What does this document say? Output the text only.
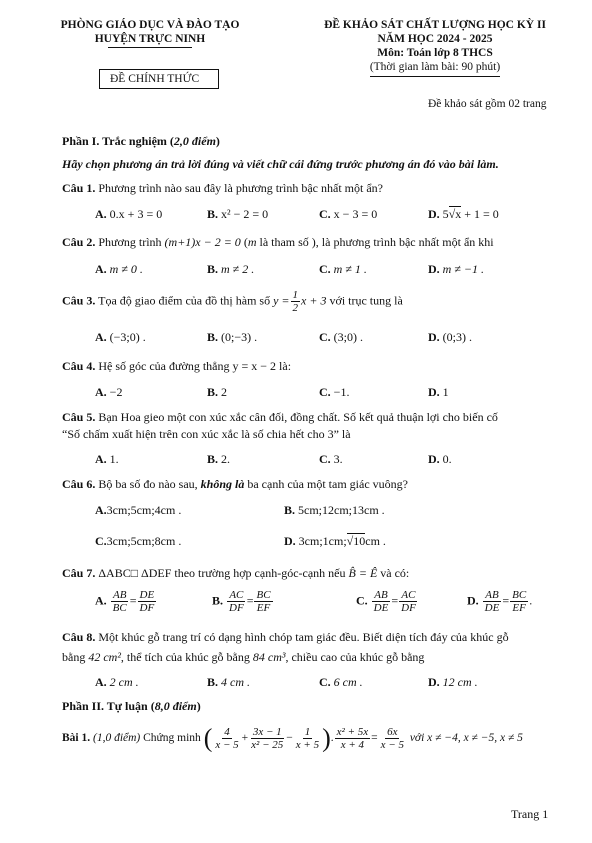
PHÒNG GIÁO DỤC VÀ ĐÀO TẠO
HUYỆN TRỰC NINH
ĐỀ CHÍNH THỨC
ĐỀ KHẢO SÁT CHẤT LƯỢNG HỌC KỲ II
NĂM HỌC 2024 - 2025
Môn: Toán lớp 8 THCS
(Thời gian làm bài: 90 phút)
Đề khảo sát gồm 02 trang
Phần I. Trắc nghiệm (2,0 điểm)
Hãy chọn phương án trả lời đúng và viết chữ cái đứng trước phương án đó vào bài làm.
Câu 1. Phương trình nào sau đây là phương trình bậc nhất một ẩn?
A. 0.x + 3 = 0	B. x² − 2 = 0	C. x − 3 = 0	D. 5√x + 1 = 0
Câu 2. Phương trình (m+1)x − 2 = 0 (m là tham số ), là phương trình bậc nhất một ẩn khi
A. m ≠ 0 .	B. m ≠ 2 .	C. m ≠ 1 .	D. m ≠ −1 .
Câu 3. Tọa độ giao điểm của đồ thị hàm số $y = \frac{1}{2}$ x + 3 với trục tung là
A. (−3;0) .	B. (0;−3) .	C. (3;0) .	D. (0;3) .
Câu 4. Hệ số góc của đường thẳng y = x − 2 là:
A. −2	B. 2	C. −1.	D. 1
Câu 5. Bạn Hoa gieo một con xúc xắc cân đối, đồng chất. Số kết quả thuận lợi cho biến cố
“Số chấm xuất hiện trên con xúc xắc là số chia hết cho 3” là
A. 1.	B. 2.	C. 3.	D. 0.
Câu 6. Bộ ba số đo nào sau, không là ba cạnh của một tam giác vuông?
A.3cm;5cm;4cm .	B. 5cm;12cm;13cm .
C.3cm;5cm;8cm .	D. 3cm;1cm;√10cm .
Câu 7. ΔABC□ ΔDEF theo trường hợp cạnh-góc-cạnh nếu B̂ = Ê và có:
A. $\frac{AB}{BC} = \frac{DE}{DF}$	B. $\frac{AC}{DF} = \frac{BC}{EF}$	C. $\frac{AB}{DE} = \frac{AC}{DF}$	D. $\frac{AB}{DE} = \frac{BC}{EF}$ .
Câu 8. Một khúc gỗ trang trí có dạng hình chóp tam giác đều. Biết diện tích đáy của khúc gỗ
bằng 42 cm², thể tích của khúc gỗ bằng 84 cm³, chiều cao của khúc gỗ bằng
A. 2 cm .	B. 4 cm .	C. 6 cm .	D. 12 cm .
Phần II. Tự luận (8,0 điểm)
Bài 1. (1,0 điểm) Chứng minh ( $\frac{4}{x - 5} + \frac{3x - 1}{\text{x² − 25}} - \frac{1}{x + 5}$ ). $\frac{\text{x² + 5x}}{x + 4} = \frac{6x}{x - 5}$ với x ≠ −4, x ≠ −5, x ≠ 5
Trang 1
